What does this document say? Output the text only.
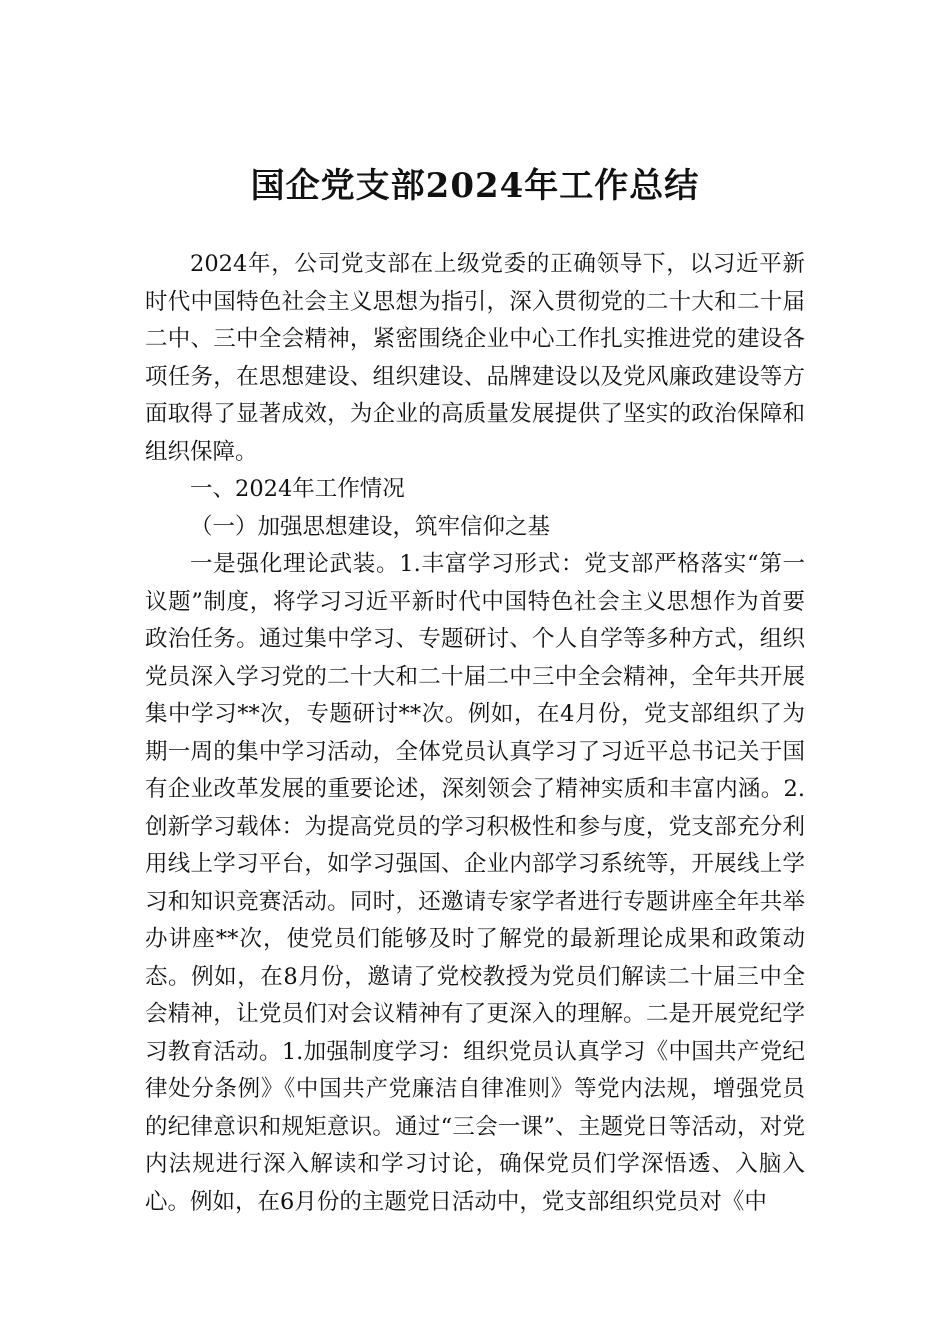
国企党支部2024年工作总结

2024年，公司党支部在上级党委的正确领导下，以习近平新时代中国特色社会主义思想为指引，深入贯彻党的二十大和二十届二中、三中全会精神，紧密围绕企业中心工作扎实推进党的建设各项任务，在思想建设、组织建设、品牌建设以及党风廉政建设等方面取得了显著成效，为企业的高质量发展提供了坚实的政治保障和组织保障。

一、2024年工作情况

（一）加强思想建设，筑牢信仰之基

一是强化理论武装。1.丰富学习形式：党支部严格落实“第一议题”制度，将学习习近平新时代中国特色社会主义思想作为首要政治任务。通过集中学习、专题研讨、个人自学等多种方式，组织党员深入学习党的二十大和二十届二中三中全会精神，全年共开展集中学习**次，专题研讨**次。例如，在4月份，党支部组织了为期一周的集中学习活动，全体党员认真学习了习近平总书记关于国有企业改革发展的重要论述，深刻领会了精神实质和丰富内涵。2.创新学习载体：为提高党员的学习积极性和参与度，党支部充分利用线上学习平台，如学习强国、企业内部学习系统等，开展线上学习和知识竞赛活动。同时，还邀请专家学者进行专题讲座全年共举办讲座**次，使党员们能够及时了解党的最新理论成果和政策动态。例如，在8月份，邀请了党校教授为党员们解读二十届三中全会精神，让党员们对会议精神有了更深入的理解。二是开展党纪学习教育活动。1.加强制度学习：组织党员认真学习《中国共产党纪律处分条例》《中国共产党廉洁自律准则》等党内法规，增强党员的纪律意识和规矩意识。通过“三会一课”、主题党日等活动，对党内法规进行深入解读和学习讨论，确保党员们学深悟透、入脑入心。例如，在6月份的主题党日活动中，党支部组织党员对《中
